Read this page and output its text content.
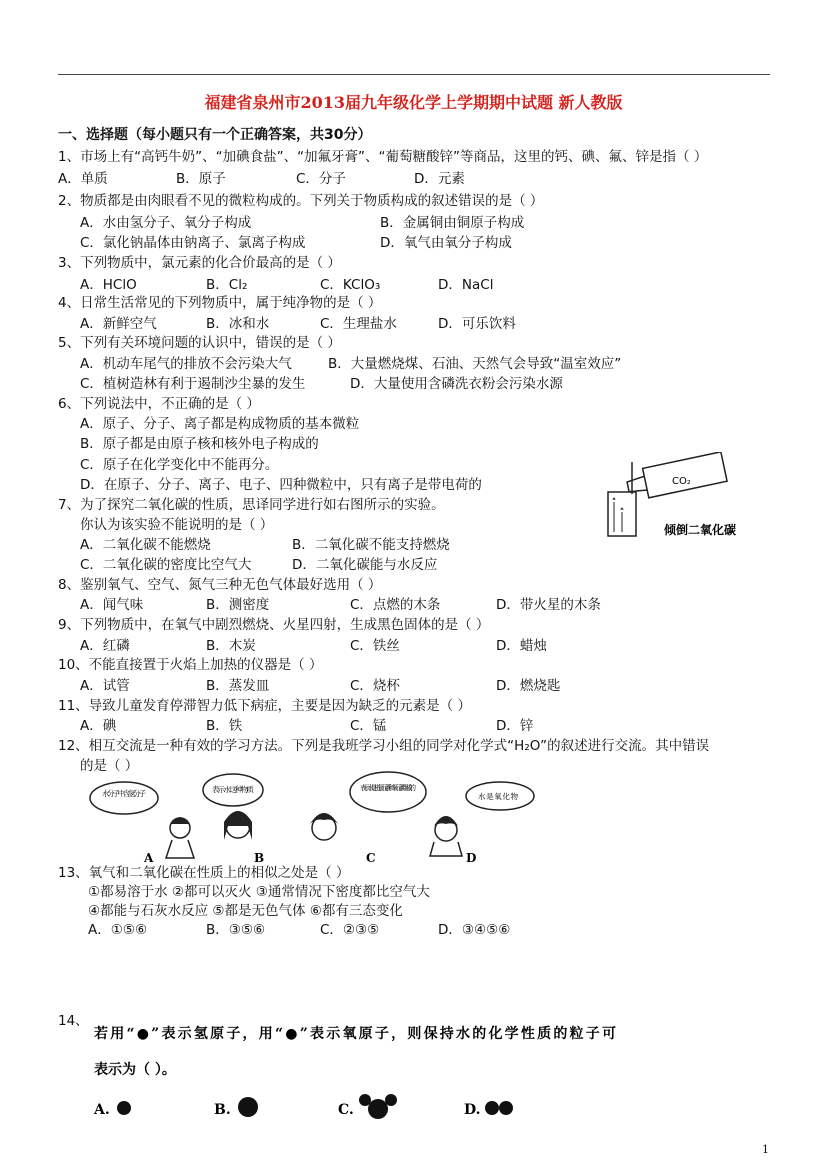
福建省泉州市2013届九年级化学上学期期中试题 新人教版
一、选择题（每小题只有一个正确答案，共30分）
1、市场上有“高钙牛奶”、“加碘食盐”、“加氟牙膏”、“葡萄糖酸锌”等商品，这里的钙、碘、氟、锌是指（ ）
A．单质	B．原子	C．分子	D．元素
2、物质都是由肉眼看不见的微粒构成的。下列关于物质构成的叙述错误的是（ ）
A．水由氢分子、氧分子构成	B．金属铜由铜原子构成
C．氯化钠晶体由钠离子、氯离子构成	D．氧气由氧分子构成
3、下列物质中，氯元素的化合价最高的是（ ）
A．HClO	B．Cl₂	C．KClO₃	D．NaCl
4、日常生活常见的下列物质中，属于纯净物的是（ ）
A．新鲜空气	B．冰和水	C．生理盐水	D．可乐饮料
5、下列有关环境问题的认识中，错误的是（ ）
A．机动车尾气的排放不会污染大气	B．大量燃烧煤、石油、天然气会导致“温室效应”
C．植树造林有利于遏制沙尘暴的发生	D．大量使用含磷洗衣粉会污染水源
6、下列说法中，不正确的是（ ）
A．原子、分子、离子都是构成物质的基本微粒
B．原子都是由原子核和核外电子构成的
C．原子在化学变化中不能再分。
D．在原子、分子、离子、电子、四种微粒中，只有离子是带电荷的
7、为了探究二氧化碳的性质，思译同学进行如右图所示的实验。
你认为该实验不能说明的是（ ）
A．二氧化碳不能燃烧	B．二氧化碳不能支持燃烧
C．二氧化碳的密度比空气大	D．二氧化碳能与水反应
CO₂
倾倒二氧化碳
8、鉴别氧气、空气、氮气三种无色气体最好选用（ ）
A．闻气味	B．测密度	C．点燃的木条	D．带火星的木条
9、下列物质中，在氧气中剧烈燃烧、火星四射，生成黑色固体的是（ ）
A．红磷	B．木炭	C．铁丝	D．蜡烛
10、不能直接置于火焰上加热的仪器是（ ）
A．试管	B．蒸发皿	C．烧杯	D．燃烧匙
11、导致儿童发育停滞智力低下病症，主要是因为缺乏的元素是（ ）
A．碘	B．铁	C．锰	D．锌
12、相互交流是一种有效的学习方法。下列是我班学习小组的同学对化学式“H₂O”的叙述进行交流。其中错误
的是（ ）
水分子中含氢分子	表示水这种物质	表示水是由氢元素和氧元素组成的
水是氧化物
A	B	C	D
13、氧气和二氧化碳在性质上的相似之处是（ ）
①都易溶于水 ②都可以灭火 ③通常情况下密度都比空气大
④都能与石灰水反应 ⑤都是无色气体 ⑥都有三态变化
A．①⑤⑥	B．③⑤⑥	C．②③⑤	D．③④⑤⑥
14、
若用“●”表示氢原子，用“●”表示氧原子，则保持水的化学性质的粒子可
表示为（ ）。
A.	B.	C.	D.
1
